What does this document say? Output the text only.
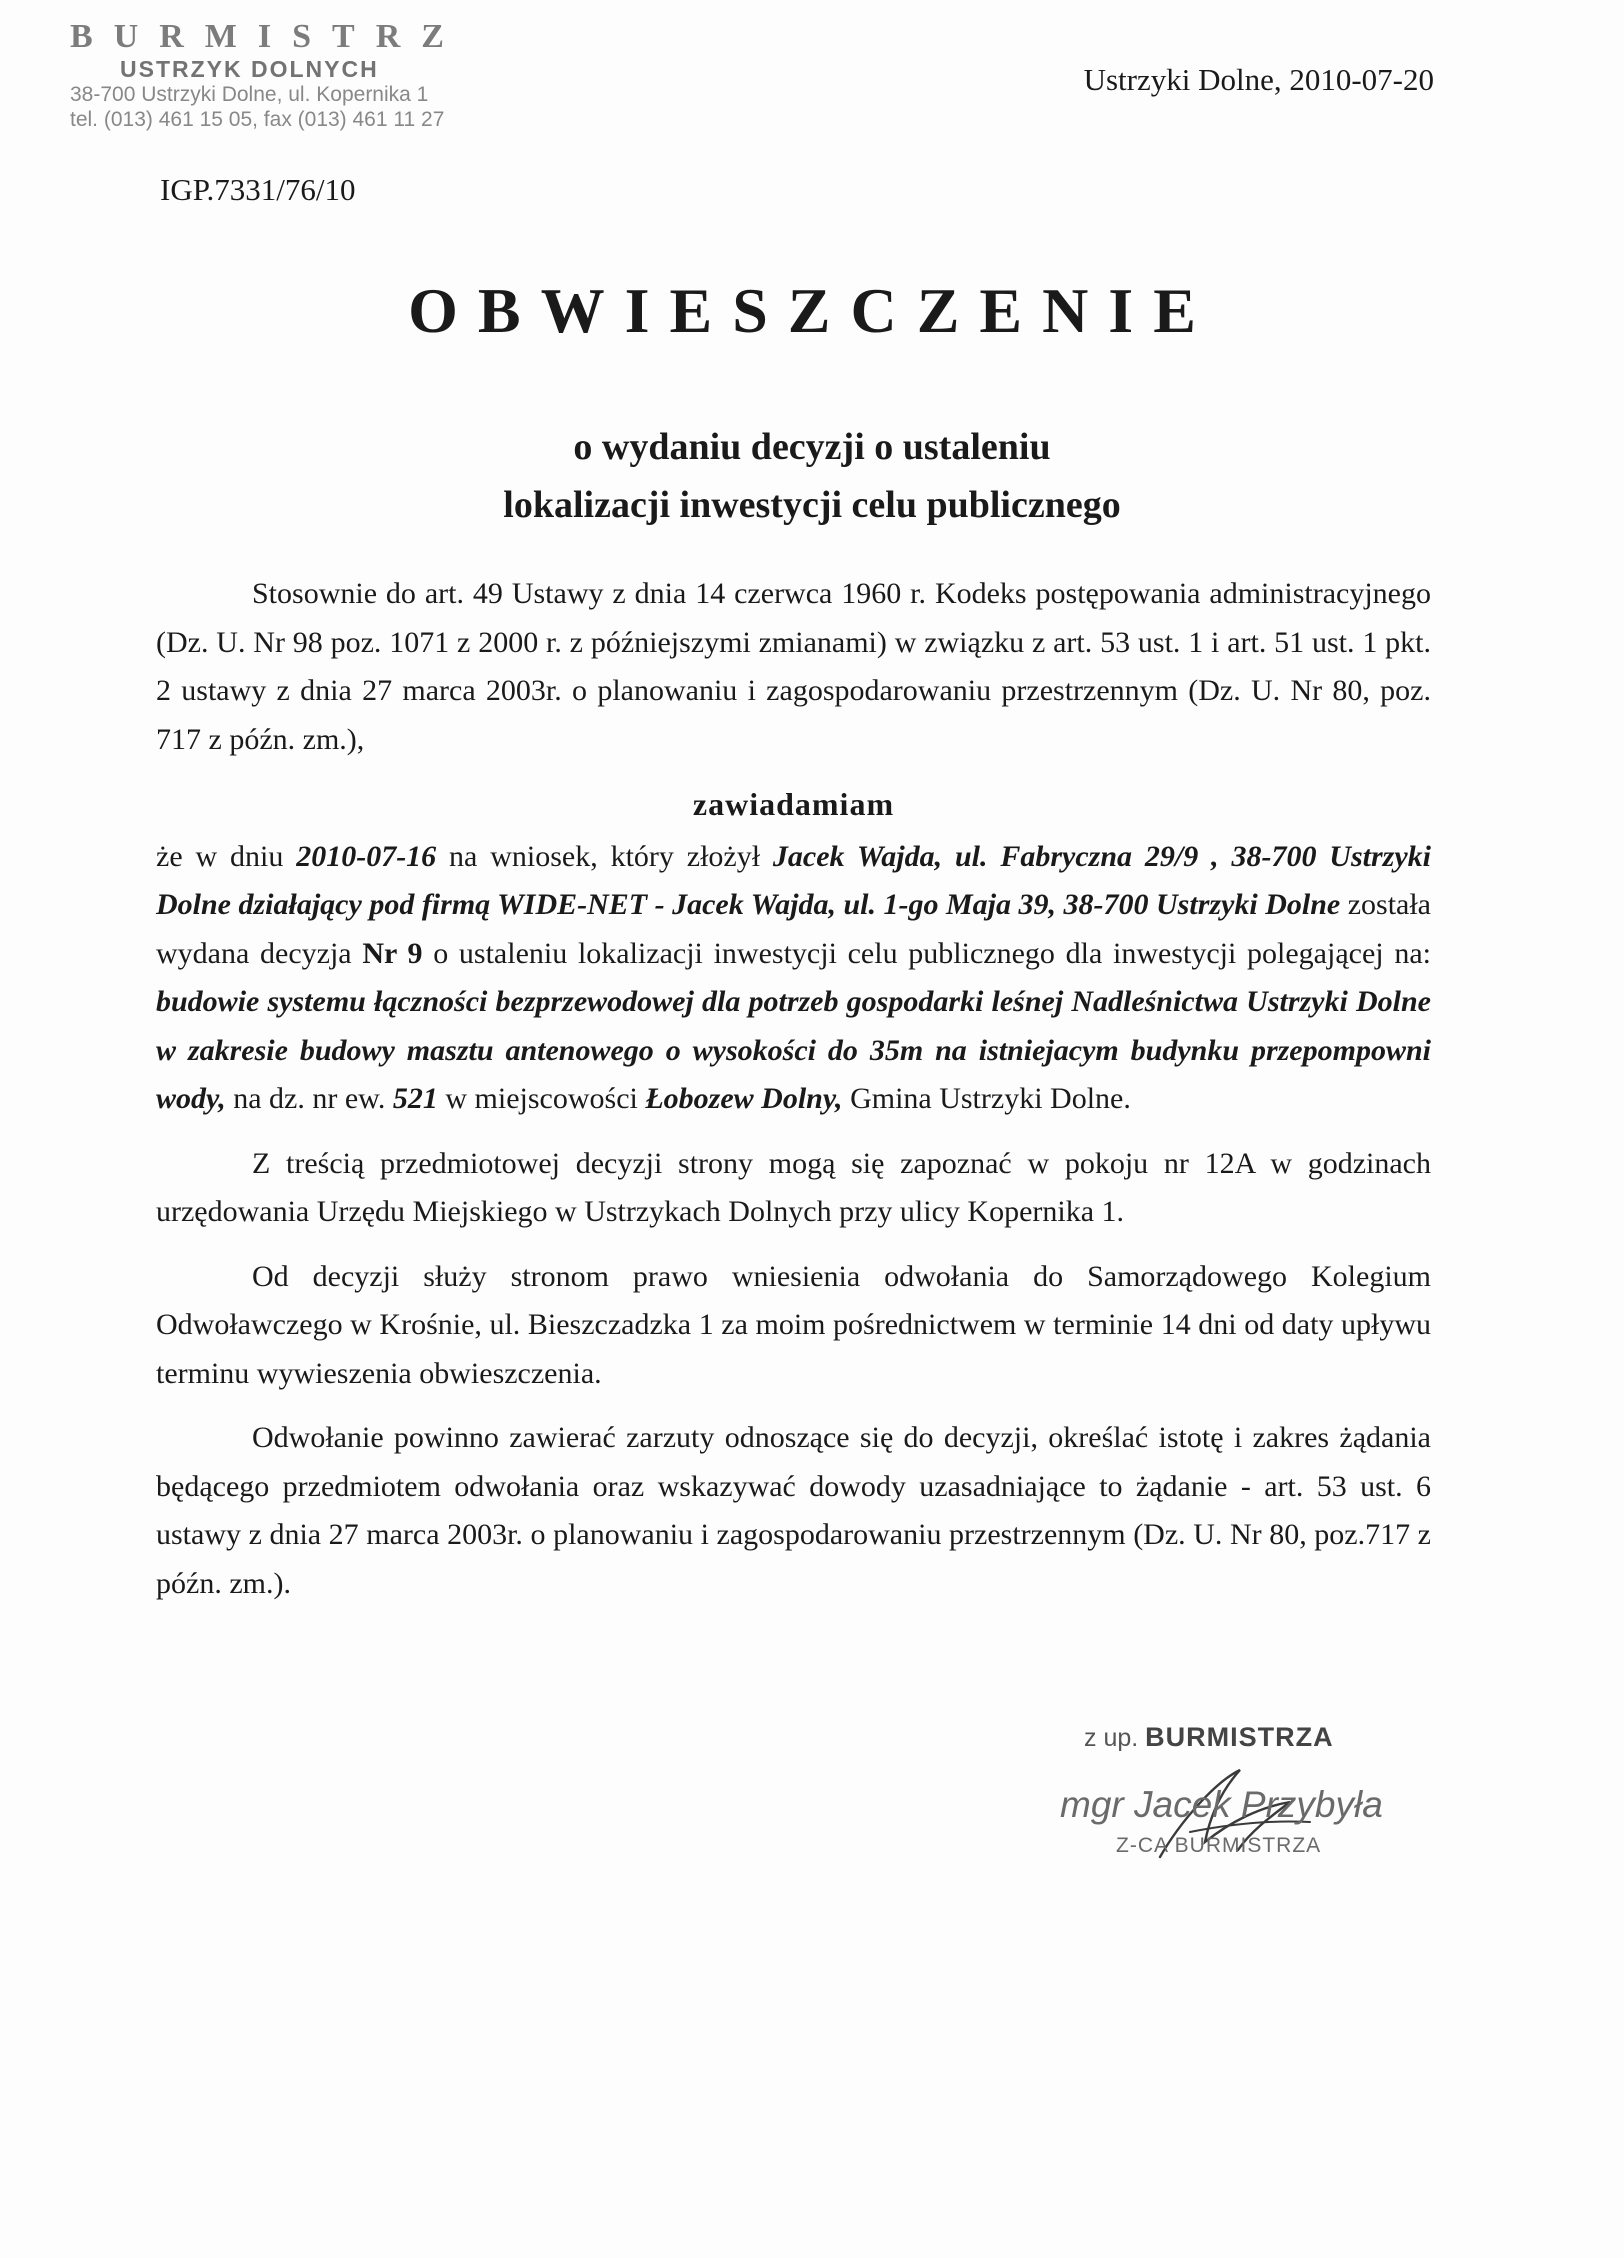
BURMISTRZ
USTRZYK DOLNYCH
38-700 Ustrzyki Dolne, ul. Kopernika 1
tel. (013) 461 15 05, fax (013) 461 11 27
Ustrzyki Dolne, 2010-07-20
IGP.7331/76/10
OBWIESZCZENIE
o wydaniu decyzji o ustaleniu
lokalizacji inwestycji celu publicznego

Stosownie do art. 49 Ustawy z dnia 14 czerwca 1960 r. Kodeks postępowania administracyjnego (Dz. U. Nr 98 poz. 1071 z 2000 r. z późniejszymi zmianami) w związku z art. 53 ust. 1 i art. 51 ust. 1 pkt. 2 ustawy z dnia 27 marca 2003r. o planowaniu i zagospodarowaniu przestrzennym (Dz. U. Nr 80, poz. 717 z późn. zm.),

zawiadamiam

że w dniu 2010-07-16 na wniosek, który złożył Jacek Wajda, ul. Fabryczna 29/9 , 38-700 Ustrzyki Dolne działający pod firmą WIDE-NET - Jacek Wajda, ul. 1-go Maja 39, 38-700 Ustrzyki Dolne została wydana decyzja Nr 9 o ustaleniu lokalizacji inwestycji celu publicznego dla inwestycji polegającej na: budowie systemu łączności bezprzewodowej dla potrzeb gospodarki leśnej Nadleśnictwa Ustrzyki Dolne w zakresie budowy masztu antenowego o wysokości do 35m na istniejacym budynku przepompowni wody, na dz. nr ew. 521 w miejscowości Łobozew Dolny, Gmina Ustrzyki Dolne.

Z treścią przedmiotowej decyzji strony mogą się zapoznać w pokoju nr 12A w godzinach urzędowania Urzędu Miejskiego w Ustrzykach Dolnych przy ulicy Kopernika 1.

Od decyzji służy stronom prawo wniesienia odwołania do Samorządowego Kolegium Odwoławczego w Krośnie, ul. Bieszczadzka 1 za moim pośrednictwem w terminie 14 dni od daty upływu terminu wywieszenia obwieszczenia.

Odwołanie powinno zawierać zarzuty odnoszące się do decyzji, określać istotę i zakres żądania będącego przedmiotem odwołania oraz wskazywać dowody uzasadniające to żądanie - art. 53 ust. 6 ustawy z dnia 27 marca 2003r. o planowaniu i zagospodarowaniu przestrzennym (Dz. U. Nr 80, poz.717 z późn. zm.).

z up. BURMISTRZA
mgr Jacek Przybyła
Z-CA BURMISTRZA
